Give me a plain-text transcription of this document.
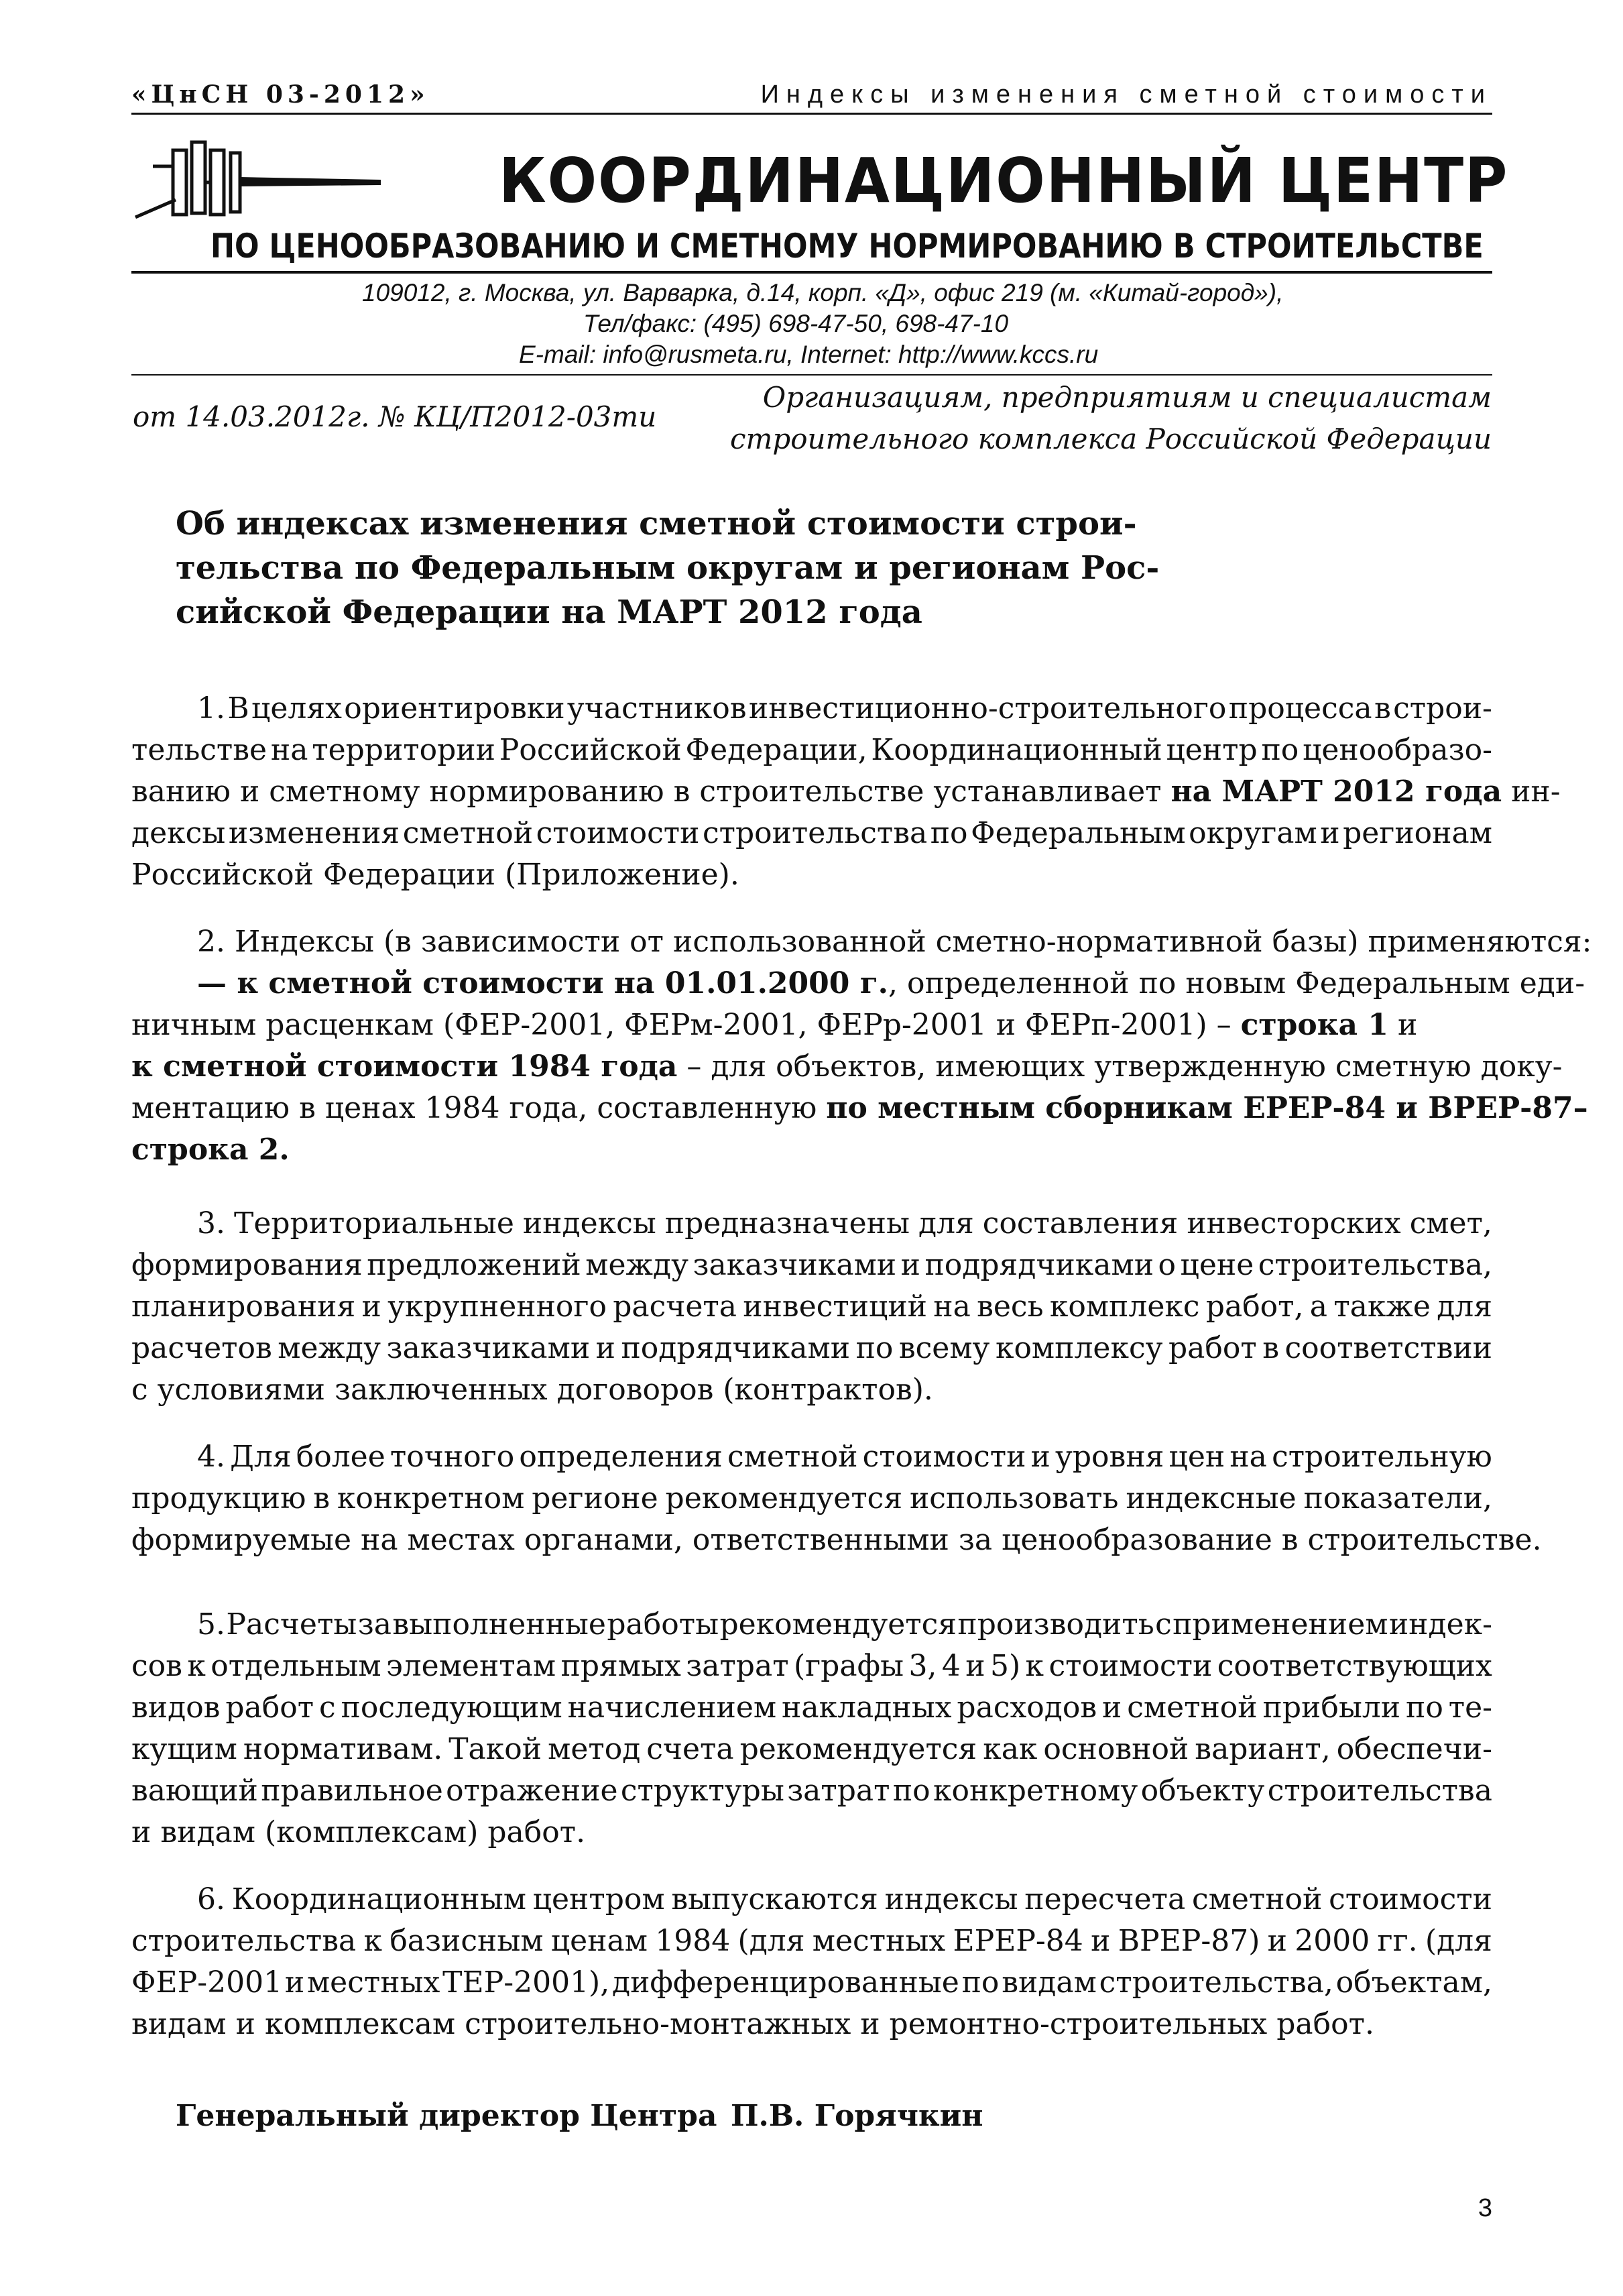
«ЦнСН 03-2012»	Индексы изменения сметной стоимости
КООРДИНАЦИОННЫЙ ЦЕНТР
ПО ЦЕНООБРАЗОВАНИЮ И СМЕТНОМУ НОРМИРОВАНИЮ В СТРОИТЕЛЬСТВЕ
109012, г. Москва, ул. Варварка, д.14, корп. «Д», офис 219 (м. «Китай-город»),
Тел/факс: (495) 698-47-50, 698-47-10
E-mail: info@rusmeta.ru, Internet: http://www.kccs.ru
от 14.03.2012г. № КЦ/П2012-03ти
Организациям, предприятиям и специалистам
строительного комплекса Российской Федерации
Об индексах изменения сметной стоимости строи-
тельства по Федеральным округам и регионам Рос-
сийской Федерации на МАРТ 2012 года
1. В целях ориентировки участников инвестиционно-строительного процесса в строи-
тельстве на территории Российской Федерации, Координационный центр по ценообразо-
ванию и сметному нормированию в строительстве устанавливает на МАРТ 2012 года ин-
дексы изменения сметной стоимости строительства по Федеральным округам и регионам
Российской Федерации (Приложение).
2. Индексы (в зависимости от использованной сметно-нормативной базы) применяются:
— к сметной стоимости на 01.01.2000 г. , определенной по новым Федеральным еди-
ничным расценкам (ФЕР-2001, ФЕРм-2001, ФЕРр-2001 и ФЕРп-2001) – строка 1 и
к сметной стоимости 1984 года – для объектов, имеющих утвержденную сметную доку-
ментацию в ценах 1984 года, составленную по местным сборникам ЕРЕР-84 и ВРЕР-87–
строка 2.
3. Территориальные индексы предназначены для составления инвесторских смет,
формирования предложений между заказчиками и подрядчиками о цене строительства,
планирования и укрупненного расчета инвестиций на весь комплекс работ, а также для
расчетов между заказчиками и подрядчиками по всему комплексу работ в соответствии
с условиями заключенных договоров (контрактов).
4. Для более точного определения сметной стоимости и уровня цен на строительную
продукцию в конкретном регионе рекомендуется использовать индексные показатели,
формируемые на местах органами, ответственными за ценообразование в строительстве.
5. Расчеты за выполненные работы рекомендуется производить с применением индек-
сов к отдельным элементам прямых затрат (графы 3, 4 и 5) к стоимости соответствующих
видов работ с последующим начислением накладных расходов и сметной прибыли по те-
кущим нормативам. Такой метод счета рекомендуется как основной вариант, обеспечи-
вающий правильное отражение структуры затрат по конкретному объекту строительства
и видам (комплексам) работ.
6. Координационным центром выпускаются индексы пересчета сметной стоимости
строительства к базисным ценам 1984 (для местных ЕРЕР-84 и ВРЕР-87) и 2000 гг. (для
ФЕР-2001 и местных ТЕР-2001), дифференцированные по видам строительства, объектам,
видам и комплексам строительно-монтажных и ремонтно-строительных работ.
Генеральный директор Центра П.В. Горячкин
3
